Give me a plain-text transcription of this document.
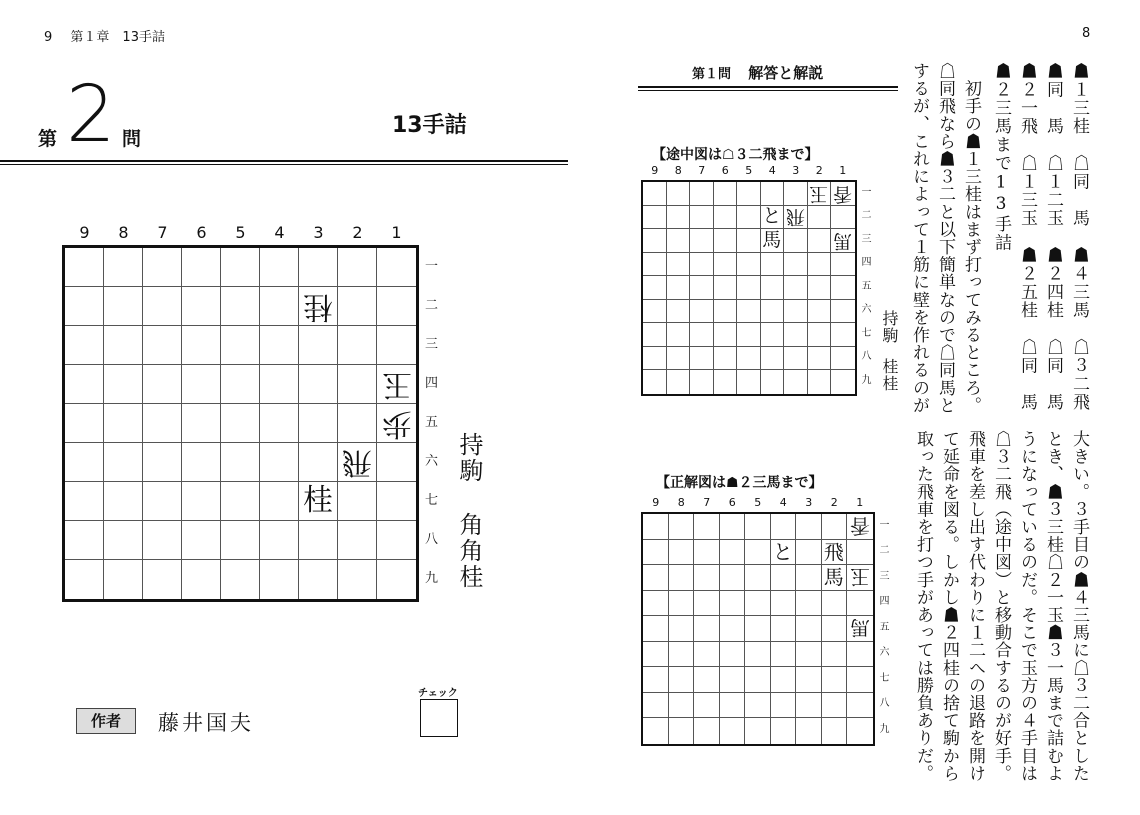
9 第１章　13手詰
第 2 問
13手詰
9	8	7	6	5	4	3	2	1
一
二
三
四
五
六
七
八
九
桂
玉
歩
飛
桂
持駒
角角桂
作者	藤井国夫
チェック
8
第１問 解答と解説	☗１三桂　☖同　馬　☗４三馬　☖３二飛
☗同　馬　☖１二玉　☗２四桂　☖同　馬
☗２一飛　☖１三玉　☗２五桂　☖同　馬
☗２三馬まで13手詰
　初手の☗１三桂はまず打ってみるところ。
☖同飛なら☗３二と以下簡単なので☖同馬と
するが、これによって１筋に壁を作れるのが
大きい。３手目の☗４三馬に☖３二合とした
とき、☗３三桂☖２一玉☗３一馬まで詰むよ
うになっているのだ。そこで玉方の４手目は
☖３二飛（途中図）と移動合するのが好手。
飛車を差し出す代わりに１二への退路を開け
て延命を図る。しかし☗２四桂の捨て駒から
取った飛車を打つ手があっては勝負ありだ。
【途中図は☖３二飛まで】
9	8	7	6	5	4	3	2	1
一
二
三
四
五
六
七
八
九
玉 香
と 飛
馬	馬
持駒
桂桂
【正解図は☗２三馬まで】
9	8	7	6	5	4	3	2	1
一
二
三
四
五
六
七
八
九
香
と 飛
馬 玉
馬
